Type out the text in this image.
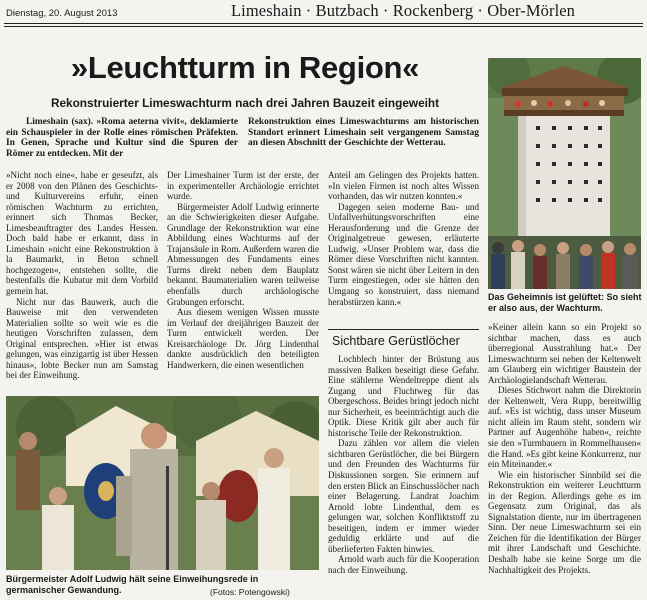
Dienstag, 20. August 2013	Limeshain · Butzbach · Rockenberg · Ober-Mörlen
»Leuchtturm in Region«
Rekonstruierter Limeswachturm nach drei Jahren Bauzeit eingeweiht

Limeshain (sax). »Roma aeterna vivit«, deklamierte ein Schauspieler in der Rolle eines römischen Präfekten. In Genen, Sprache und Kultur sind die Spuren der Römer zu entdecken. Mit der

Rekonstruktion eines Limeswachturms am historischen Standort erinnert Limeshain seit vergangenem Samstag an diesen Abschnitt der Geschichte der Wetterau.

»Nicht noch eine«, habe er geseufzt, als er 2008 von den Plänen des Geschichts- und Kulturvereins erfuhr, einen römischen Wachturm zu errichten, erinnert sich Thomas Becker, Limesbeauftragter des Landes Hessen. Doch bald habe er erkannt, dass in Limeshain »nicht eine Rekonstruktion à la Baumarkt, in Beton schnell hochgezogen«, entstehen sollte, die bestenfalls die Kubatur mit dem Vorbild gemein hat.

Nicht nur das Bauwerk, auch die Bauweise mit den verwendeten Materialien sollte so weit wie es die heutigen Vorschriften zulassen, dem Original entsprechen. »Hier ist etwas gelungen, was einzigartig ist über Hessen hinaus«, lobte Becker nun am Samstag bei der Einweihung.

Der Limeshainer Turm ist der erste, der in experimenteller Archäologie errichtet wurde.

Bürgermeister Adolf Ludwig erinnerte an die Schwierigkeiten dieser Aufgabe. Grundlage der Rekonstruktion war eine Abbildung eines Wachturms auf der Trajansäule in Rom. Außerdem waren die Abmessungen des Fundaments eines Turms direkt neben dem Bauplatz bekannt. Baumaterialien waren teilweise ebenfalls durch archäologische Grabungen erforscht.

Aus diesem wenigen Wissen musste im Verlauf der dreijährigen Bauzeit der Turm entwickelt werden. Der Kreisarchäologe Dr. Jörg Lindenthal dankte ausdrücklich den beteiligten Handwerkern, die einen wesentlichen

Anteil am Gelingen des Projekts hatten. »In vielen Firmen ist noch altes Wissen vorhanden, das wir nutzen konnten.«

Dagegen seien moderne Bau- und Unfallverhütungsvorschriften eine Herausforderung und die Grenze der Originalgetreue gewesen, erläuterte Ludwig. »Unser Problem war, dass die Römer diese Vorschriften nicht kannten. Sonst wären sie nicht über Leitern in den Turm eingestiegen, oder sie hätten den Umgang so konstruiert, dass niemand herabstürzen kann.«

Sichtbare Gerüstlöcher

Lochblech hinter der Brüstung aus massiven Balken beseitigt diese Gefahr. Eine stählerne Wendeltreppe dient als Zugang und Fluchtweg für das Obergeschoss. Beides bringt jedoch nicht nur Sicherheit, es beeinträchtigt auch die Optik. Diese Kritik gilt aber auch für historische Teile der Rekonstruktion.

Dazu zählen vor allem die vielen sichtbaren Gerüstlöcher, die bei Bürgern und den Freunden des Wachturms für Diskussionen sorgen. Sie erinnern auf den ersten Blick an Einschusslöcher nach einer Belagerung. Landrat Joachim Arnold lobte Lindenthal, dem es gelungen war, solchen Konfliktstoff zu beseitigen, indem er immer wieder geduldig erklärte und auf die überlieferten Fakten hinwies.

Arnold warb auch für die Kooperation nach der Einweihung.

Das Geheimnis ist gelüftet: So sieht er also aus, der Wachturm.

»Keiner allein kann so ein Projekt so sichtbar machen, dass es auch überregional Ausstrahlung hat.« Der Limeswachturm sei neben der Keltenwelt am Glauberg ein wichtiger Baustein der Archäologielandschaft Wetterau.

Dieses Stichwort nahm die Direktorin der Keltenwelt, Vera Rupp, bereitwillig auf. »Es ist wichtig, dass unser Museum nicht allein im Raum steht, sondern wir Partner auf Augenhöhe haben«, reichte sie den »Turmbauern in Rommelhausen« die Hand. »Es gibt keine Konkurrenz, nur ein Miteinander.«

Wie ein historischer Sinnbild sei die Rekonstruktion ein weiterer Leuchtturm in der Region. Allerdings gehe es im Gegensatz zum Original, das als Signalstation diente, nur im übertragenen Sinn. Der neue Limeswachturm sei ein Zeichen für die Identifikation der Bürger mit ihrer Landschaft und Geschichte. Deshalb habe sie keine Sorge um die Nachhaltigkeit des Projekts.

Bürgermeister Adolf Ludwig hält seine Einweihungsrede in germanischer Gewandung.	(Fotos: Potengowski)
